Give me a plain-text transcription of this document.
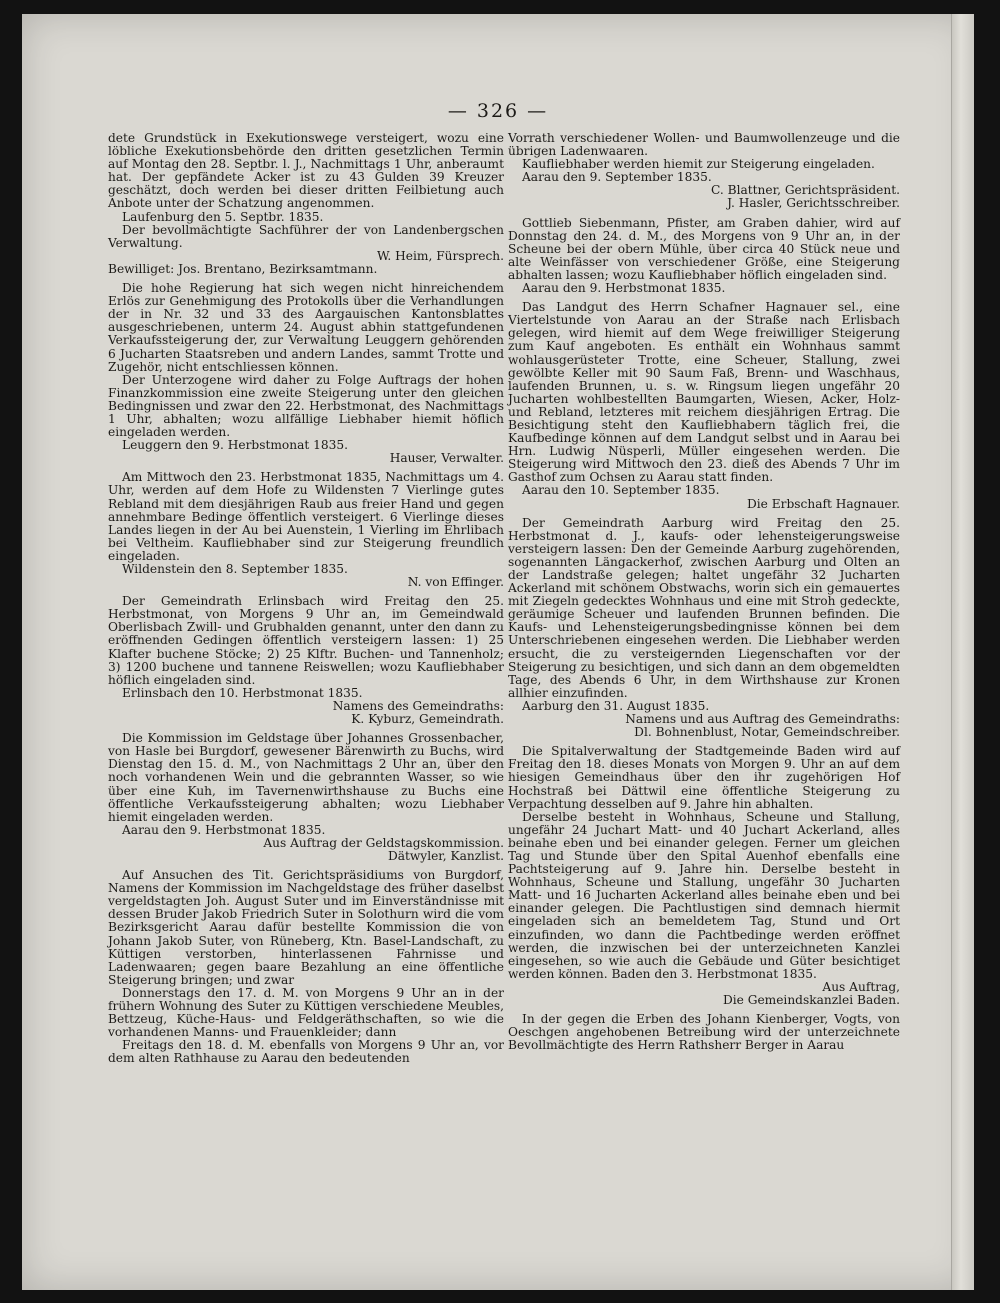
— 326 —

dete Grundstück in Exekutionswege versteigert, wozu eine löbliche Exekutionsbehörde den dritten gesetzlichen Termin auf Montag den 28. Septbr. l. J., Nachmittags 1 Uhr, anberaumt hat. Der gepfändete Acker ist zu 43 Gulden 39 Kreuzer geschätzt, doch werden bei dieser dritten Feilbietung auch Anbote unter der Schatzung angenommen.

Laufenburg den 5. Septbr. 1835.

Der bevollmächtigte Sachführer der von Landenbergschen Verwaltung.

W. Heim, Fürsprech.

Bewilliget: Jos. Brentano, Bezirksamtmann.

Die hohe Regierung hat sich wegen nicht hinreichendem Erlös zur Genehmigung des Protokolls über die Verhandlungen der in Nr. 32 und 33 des Aargauischen Kantonsblattes ausgeschriebenen, unterm 24. August abhin stattgefundenen Verkaufssteigerung der, zur Verwaltung Leuggern gehörenden 6 Jucharten Staatsreben und andern Landes, sammt Trotte und Zugehör, nicht entschliessen können.

Der Unterzogene wird daher zu Folge Auftrags der hohen Finanzkommission eine zweite Steigerung unter den gleichen Bedingnissen und zwar den 22. Herbstmonat, des Nachmittags 1 Uhr, abhalten; wozu allfällige Liebhaber hiemit höflich eingeladen werden.

Leuggern den 9. Herbstmonat 1835.

Hauser, Verwalter.

Am Mittwoch den 23. Herbstmonat 1835, Nachmittags um 4. Uhr, werden auf dem Hofe zu Wildensten 7 Vierlinge gutes Rebland mit dem diesjährigen Raub aus freier Hand und gegen annehmbare Bedinge öffentlich versteigert. 6 Vierlinge dieses Landes liegen in der Au bei Auenstein, 1 Vierling im Ehrlibach bei Veltheim. Kaufliebhaber sind zur Steigerung freundlich eingeladen.

Wildenstein den 8. September 1835.

N. von Effinger.

Der Gemeindrath Erlinsbach wird Freitag den 25. Herbstmonat, von Morgens 9 Uhr an, im Gemeindwald Oberlisbach Zwill- und Grubhalden genannt, unter den dann zu eröffnenden Gedingen öffentlich versteigern lassen: 1) 25 Klafter buchene Stöcke; 2) 25 Klftr. Buchen- und Tannenholz; 3) 1200 buchene und tannene Reiswellen; wozu Kaufliebhaber höflich eingeladen sind.

Erlinsbach den 10. Herbstmonat 1835.

Namens des Gemeindraths:

K. Kyburz, Gemeindrath.

Die Kommission im Geldstage über Johannes Grossenbacher, von Hasle bei Burgdorf, gewesener Bärenwirth zu Buchs, wird Dienstag den 15. d. M., von Nachmittags 2 Uhr an, über den noch vorhandenen Wein und die gebrannten Wasser, so wie über eine Kuh, im Tavernenwirthshause zu Buchs eine öffentliche Verkaufssteigerung abhalten; wozu Liebhaber hiemit eingeladen werden.

Aarau den 9. Herbstmonat 1835.

Aus Auftrag der Geldstagskommission.

Dätwyler, Kanzlist.

Auf Ansuchen des Tit. Gerichtspräsidiums von Burgdorf, Namens der Kommission im Nachgeldstage des früher daselbst vergeldstagten Joh. August Suter und im Einverständnisse mit dessen Bruder Jakob Friedrich Suter in Solothurn wird die vom Bezirksgericht Aarau dafür bestellte Kommission die von Johann Jakob Suter, von Rüneberg, Ktn. Basel-Landschaft, zu Küttigen verstorben, hinterlassenen Fahrnisse und Ladenwaaren; gegen baare Bezahlung an eine öffentliche Steigerung bringen; und zwar

Donnerstags den 17. d. M. von Morgens 9 Uhr an in der frühern Wohnung des Suter zu Küttigen verschiedene Meubles, Bettzeug, Küche-Haus- und Feldgeräthschaften, so wie die vorhandenen Manns- und Frauenkleider; dann

Freitags den 18. d. M. ebenfalls von Morgens 9 Uhr an, vor dem alten Rathhause zu Aarau den bedeutenden

Vorrath verschiedener Wollen- und Baumwollenzeuge und die übrigen Ladenwaaren.

Kaufliebhaber werden hiemit zur Steigerung eingeladen.

Aarau den 9. September 1835.

C. Blattner, Gerichtspräsident.

J. Hasler, Gerichtsschreiber.

Gottlieb Siebenmann, Pfister, am Graben dahier, wird auf Donnstag den 24. d. M., des Morgens von 9 Uhr an, in der Scheune bei der obern Mühle, über circa 40 Stück neue und alte Weinfässer von verschiedener Größe, eine Steigerung abhalten lassen; wozu Kaufliebhaber höflich eingeladen sind.

Aarau den 9. Herbstmonat 1835.

Das Landgut des Herrn Schafner Hagnauer sel., eine Viertelstunde von Aarau an der Straße nach Erlisbach gelegen, wird hiemit auf dem Wege freiwilliger Steigerung zum Kauf angeboten. Es enthält ein Wohnhaus sammt wohlausgerüsteter Trotte, eine Scheuer, Stallung, zwei gewölbte Keller mit 90 Saum Faß, Brenn- und Waschhaus, laufenden Brunnen, u. s. w. Ringsum liegen ungefähr 20 Jucharten wohlbestellten Baumgarten, Wiesen, Acker, Holz- und Rebland, letzteres mit reichem diesjährigen Ertrag. Die Besichtigung steht den Kaufliebhabern täglich frei, die Kaufbedinge können auf dem Landgut selbst und in Aarau bei Hrn. Ludwig Nüsperli, Müller eingesehen werden. Die Steigerung wird Mittwoch den 23. dieß des Abends 7 Uhr im Gasthof zum Ochsen zu Aarau statt finden.

Aarau den 10. September 1835.

Die Erbschaft Hagnauer.

Der Gemeindrath Aarburg wird Freitag den 25. Herbstmonat d. J., kaufs- oder lehensteigerungsweise versteigern lassen: Den der Gemeinde Aarburg zugehörenden, sogenannten Längackerhof, zwischen Aarburg und Olten an der Landstraße gelegen; haltet ungefähr 32 Jucharten Ackerland mit schönem Obstwachs, worin sich ein gemauertes mit Ziegeln gedecktes Wohnhaus und eine mit Stroh gedeckte, geräumige Scheuer und laufenden Brunnen befinden. Die Kaufs- und Lehensteigerungsbedingnisse können bei dem Unterschriebenen eingesehen werden. Die Liebhaber werden ersucht, die zu versteigernden Liegenschaften vor der Steigerung zu besichtigen, und sich dann an dem obgemeldten Tage, des Abends 6 Uhr, in dem Wirthshause zur Kronen allhier einzufinden.

Aarburg den 31. August 1835.

Namens und aus Auftrag des Gemeindraths:

Dl. Bohnenblust, Notar, Gemeindschreiber.

Die Spitalverwaltung der Stadtgemeinde Baden wird auf Freitag den 18. dieses Monats von Morgen 9. Uhr an auf dem hiesigen Gemeindhaus über den ihr zugehörigen Hof Hochstraß bei Dättwil eine öffentliche Steigerung zu Verpachtung desselben auf 9. Jahre hin abhalten.

Derselbe besteht in Wohnhaus, Scheune und Stallung, ungefähr 24 Juchart Matt- und 40 Juchart Ackerland, alles beinahe eben und bei einander gelegen. Ferner um gleichen Tag und Stunde über den Spital Auenhof ebenfalls eine Pachtsteigerung auf 9. Jahre hin. Derselbe besteht in Wohnhaus, Scheune und Stallung, ungefähr 30 Jucharten Matt- und 16 Jucharten Ackerland alles beinahe eben und bei einander gelegen. Die Pachtlustigen sind demnach hiermit eingeladen sich an bemeldetem Tag, Stund und Ort einzufinden, wo dann die Pachtbedinge werden eröffnet werden, die inzwischen bei der unterzeichneten Kanzlei eingesehen, so wie auch die Gebäude und Güter besichtiget werden können. Baden den 3. Herbstmonat 1835.

Aus Auftrag,

Die Gemeindskanzlei Baden.

In der gegen die Erben des Johann Kienberger, Vogts, von Oeschgen angehobenen Betreibung wird der unterzeichnete Bevollmächtigte des Herrn Rathsherr Berger in Aarau
